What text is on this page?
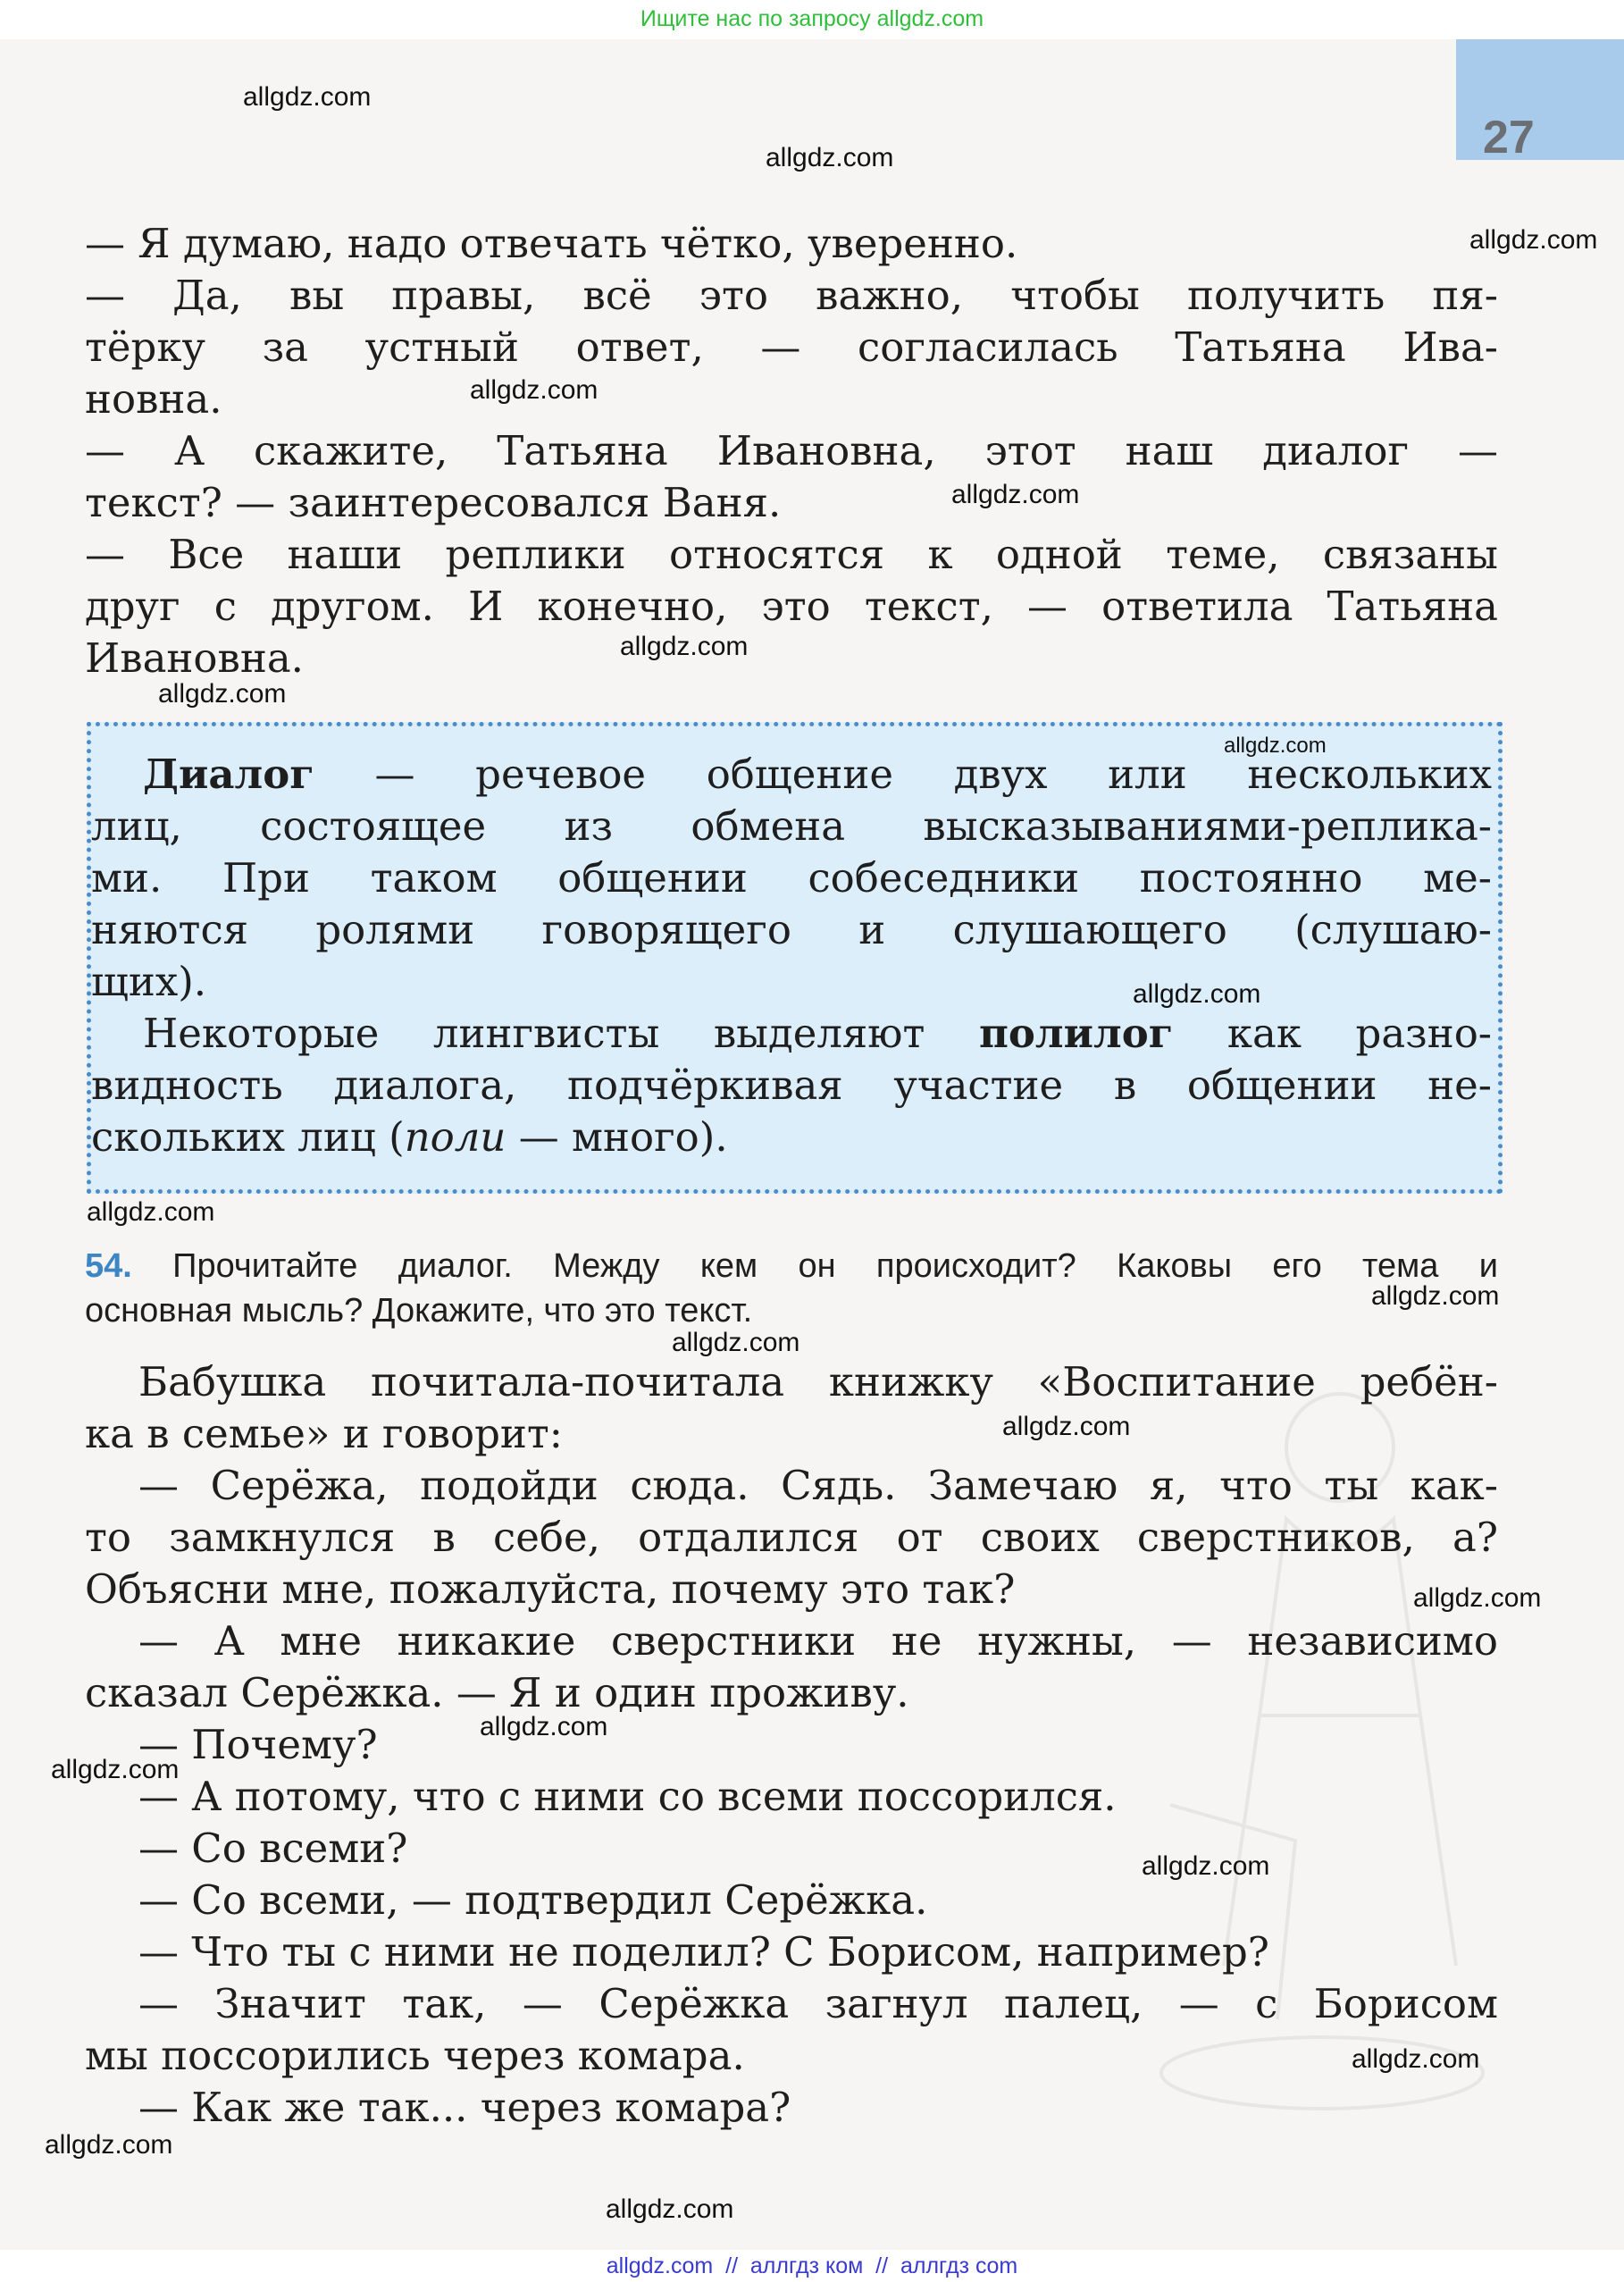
Ищите нас по запросу allgdz.com
27
— Я думаю, надо отвечать чётко, уверенно.
— Да, вы правы, всё это важно, чтобы получить пя-
тёрку за устный ответ, — согласилась Татьяна Ива-
новна.
— А скажите, Татьяна Ивановна, этот наш диалог —
текст? — заинтересовался Ваня.
— Все наши реплики относятся к одной теме, связаны
друг с другом. И конечно, это текст, — ответила Татьяна
Ивановна.
Диалог — речевое общение двух или нескольких
лиц, состоящее из обмена высказываниями-реплика-
ми. При таком общении собеседники постоянно ме-
няются ролями говорящего и слушающего (слушаю-
щих).
Некоторые лингвисты выделяют полилог как разно-
видность диалога, подчёркивая участие в общении не-
скольких лиц (поли — много).
54. Прочитайте диалог. Между кем он происходит? Каковы его тема и
основная мысль? Докажите, что это текст.
Бабушка почитала-почитала книжку «Воспитание ребён-
ка в семье» и говорит:
— Серёжа, подойди сюда. Сядь. Замечаю я, что ты как-
то замкнулся в себе, отдалился от своих сверстников, а?
Объясни мне, пожалуйста, почему это так?
— А мне никакие сверстники не нужны, — независимо
сказал Серёжка. — Я и один проживу.
— Почему?
— А потому, что с ними со всеми поссорился.
— Со всеми?
— Со всеми, — подтвердил Серёжка.
— Что ты с ними не поделил? С Борисом, например?
— Значит так, — Серёжка загнул палец, — с Борисом
мы поссорились через комара.
— Как же так... через комара?
allgdz.com
allgdz.com
allgdz.com
allgdz.com
allgdz.com
allgdz.com
allgdz.com
allgdz.com
allgdz.com
allgdz.com
allgdz.com
allgdz.com
allgdz.com
allgdz.com
allgdz.com
allgdz.com
allgdz.com
allgdz.com
allgdz.com
allgdz.com
allgdz.com  //  аллгдз ком  //  аллгдз com
